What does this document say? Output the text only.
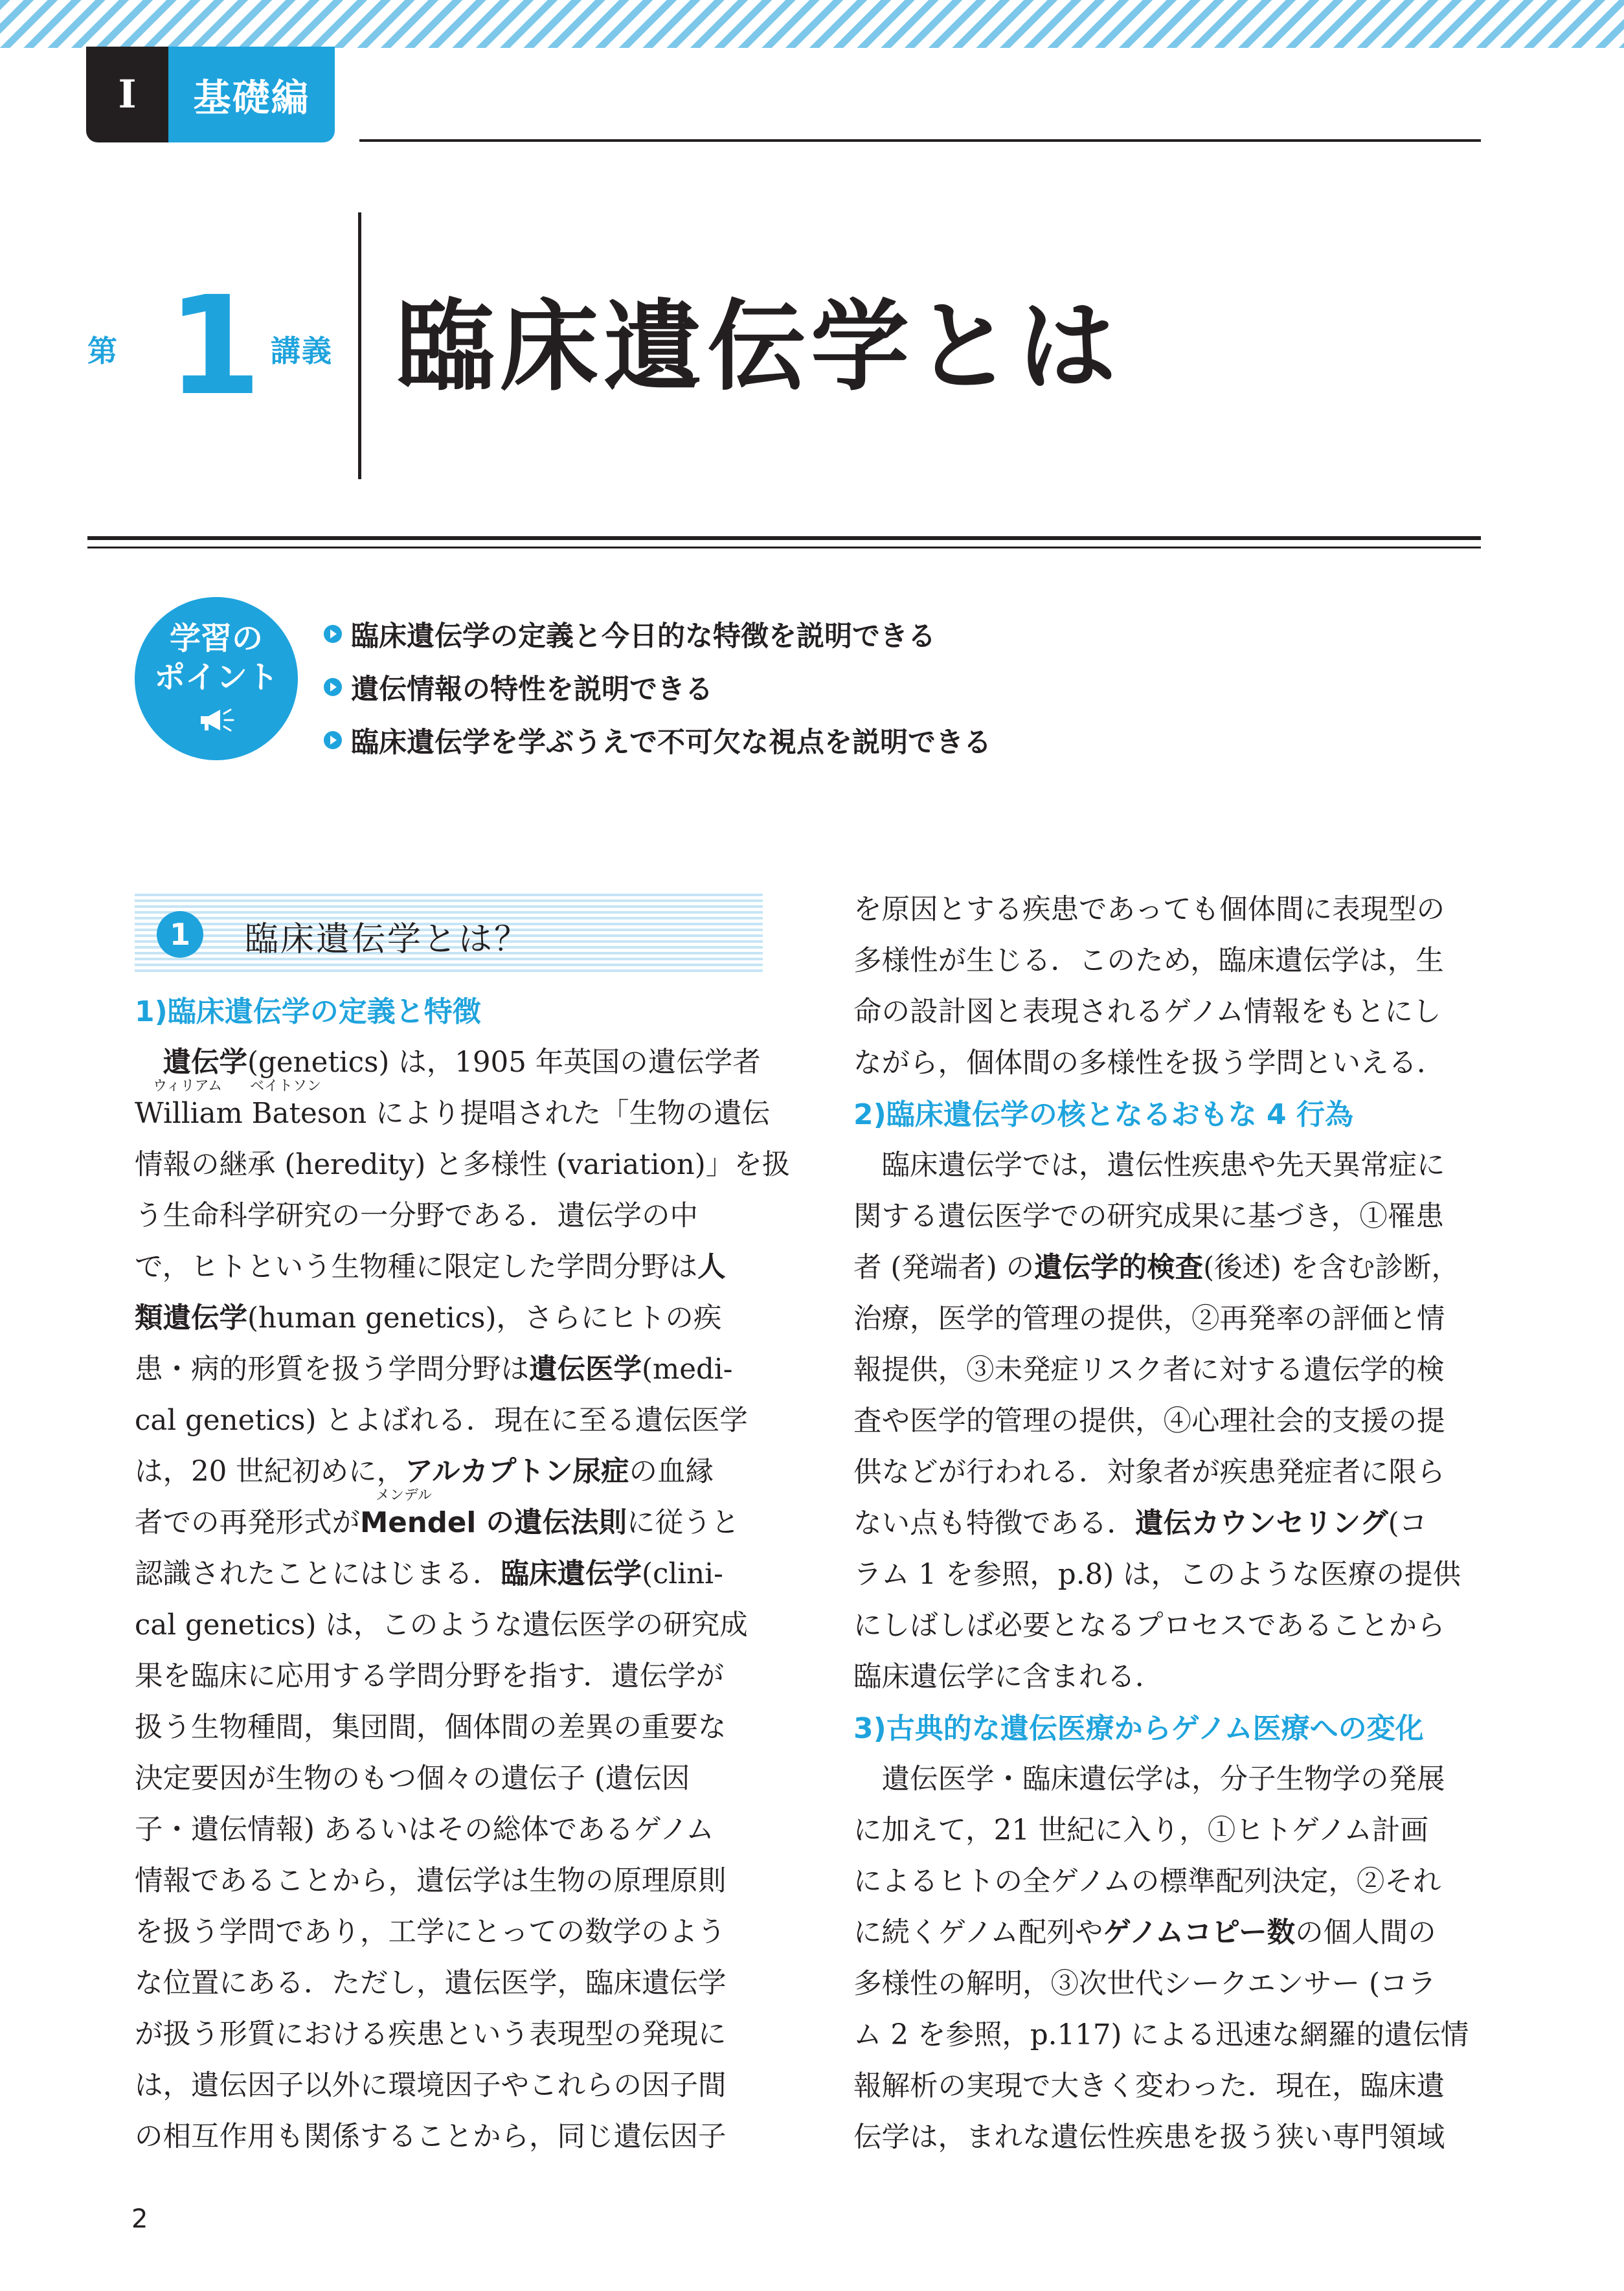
I	基礎編
第 1 講義 臨床遺伝学とは
学習の
ポイント
臨床遺伝学の定義と今日的な特徴を説明できる
遺伝情報の特性を説明できる
臨床遺伝学を学ぶうえで不可欠な視点を説明できる
1	臨床遺伝学とは？
1)臨床遺伝学の定義と特徴
　遺伝学(genetics) は，1905 年英国の遺伝学者
ウィリアム ベイトソン
William Bateson により提唱された「生物の遺伝
情報の継承 (heredity) と多様性 (variation)」を扱
う生命科学研究の一分野である．遺伝学の中
で，ヒトという生物種に限定した学問分野は人
類遺伝学(human genetics)，さらにヒトの疾
患・病的形質を扱う学問分野は遺伝医学(medi-
cal genetics) とよばれる．現在に至る遺伝医学
は，20 世紀初めに，アルカプトン尿症の血縁
メンデル
者での再発形式がMendel の遺伝法則に従うと
認識されたことにはじまる．臨床遺伝学(clini-
cal genetics) は，このような遺伝医学の研究成
果を臨床に応用する学問分野を指す．遺伝学が
扱う生物種間，集団間，個体間の差異の重要な
決定要因が生物のもつ個々の遺伝子 (遺伝因
子・遺伝情報) あるいはその総体であるゲノム
情報であることから，遺伝学は生物の原理原則
を扱う学問であり，工学にとっての数学のよう
な位置にある．ただし，遺伝医学，臨床遺伝学
が扱う形質における疾患という表現型の発現に
は，遺伝因子以外に環境因子やこれらの因子間
の相互作用も関係することから，同じ遺伝因子
を原因とする疾患であっても個体間に表現型の
多様性が生じる．このため，臨床遺伝学は，生
命の設計図と表現されるゲノム情報をもとにし
ながら，個体間の多様性を扱う学問といえる．
2)臨床遺伝学の核となるおもな 4 行為
　臨床遺伝学では，遺伝性疾患や先天異常症に
関する遺伝医学での研究成果に基づき，①罹患
者 (発端者) の遺伝学的検査(後述) を含む診断，
治療，医学的管理の提供，②再発率の評価と情
報提供，③未発症リスク者に対する遺伝学的検
査や医学的管理の提供，④心理社会的支援の提
供などが行われる．対象者が疾患発症者に限ら
ない点も特徴である．遺伝カウンセリング(コ
ラム 1 を参照，p.8) は，このような医療の提供
にしばしば必要となるプロセスであることから
臨床遺伝学に含まれる．
3)古典的な遺伝医療からゲノム医療への変化
　遺伝医学・臨床遺伝学は，分子生物学の発展
に加えて，21 世紀に入り，①ヒトゲノム計画
によるヒトの全ゲノムの標準配列決定，②それ
に続くゲノム配列やゲノムコピー数の個人間の
多様性の解明，③次世代シークエンサー (コラ
ム 2 を参照，p.117) による迅速な網羅的遺伝情
報解析の実現で大きく変わった．現在，臨床遺
伝学は，まれな遺伝性疾患を扱う狭い専門領域
2
